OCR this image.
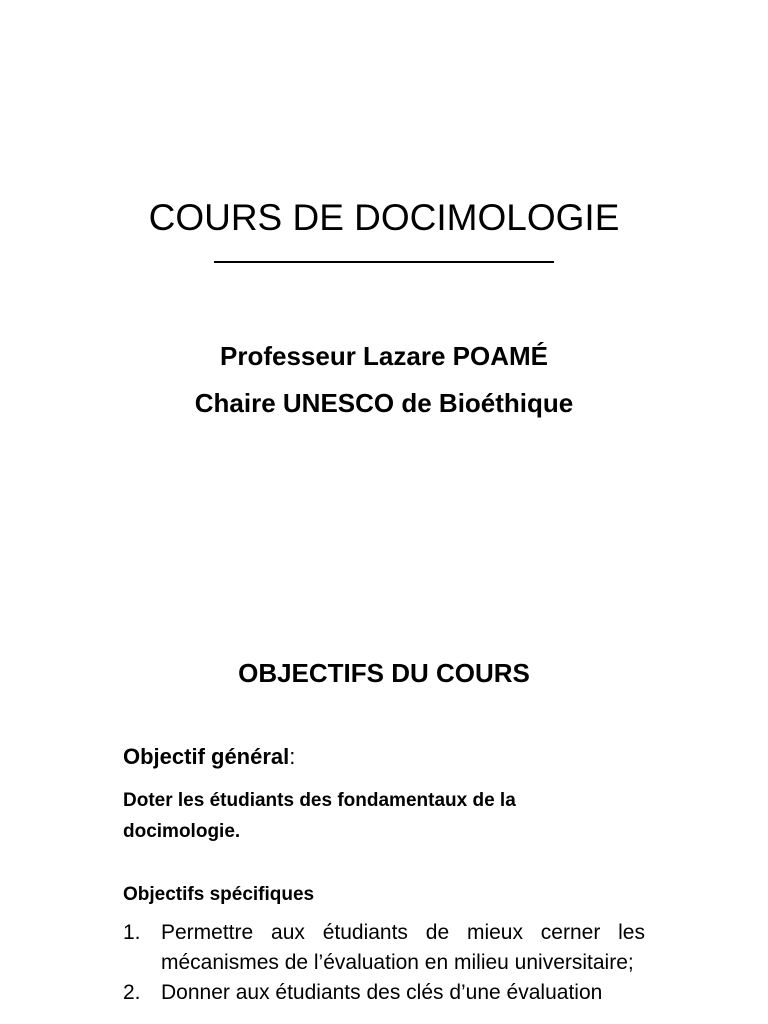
COURS DE DOCIMOLOGIE
Professeur Lazare POAMÉ
Chaire UNESCO de Bioéthique
OBJECTIFS DU COURS
Objectif général:

Doter les étudiants des fondamentaux de la docimologie.

Objectifs spécifiques
1. Permettre aux étudiants de mieux cerner les mécanismes de l’évaluation en milieu universitaire;
2. Donner aux étudiants des clés d’une évaluation
